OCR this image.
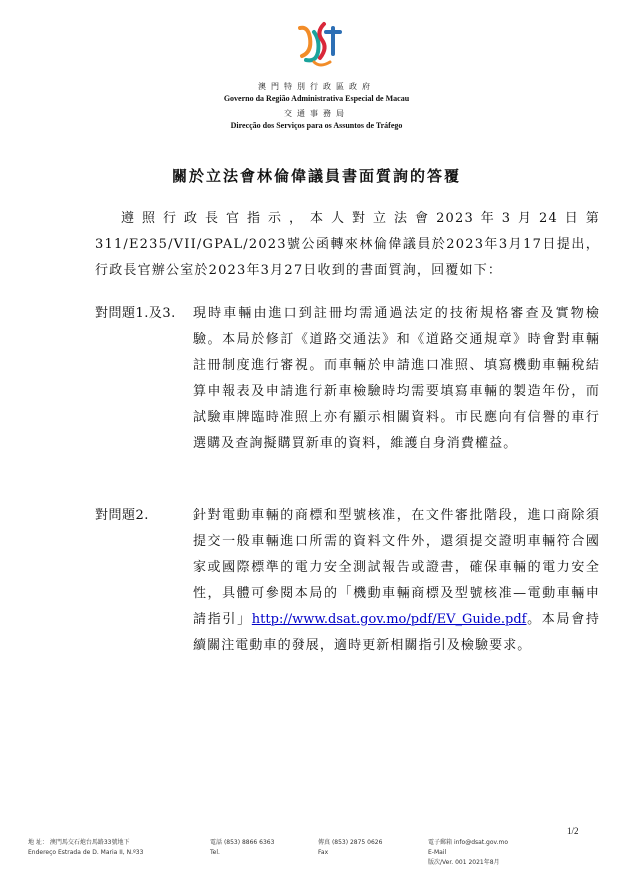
澳門特別行政區政府
Governo da Região Administrativa Especial de Macau
交通事務局
Direcção dos Serviços para os Assuntos de Tráfego
關於立法會林倫偉議員書面質詢的答覆

遵照行政長官指示，本人對立法會2023年3月24日第311/E235/VII/GPAL/2023號公函轉來林倫偉議員於2023年3月17日提出，行政長官辦公室於2023年3月27日收到的書面質詢，回覆如下：

對問題1.及3. 現時車輛由進口到註冊均需通過法定的技術規格審查及實物檢驗。本局於修訂《道路交通法》和《道路交通規章》時會對車輛註冊制度進行審視。而車輛於申請進口准照、填寫機動車輛稅結算申報表及申請進行新車檢驗時均需要填寫車輛的製造年份，而試驗車牌臨時准照上亦有顯示相關資料。市民應向有信譽的車行選購及查詢擬購買新車的資料，維護自身消費權益。
對問題2.	針對電動車輛的商標和型號核准，在文件審批階段，進口商除須提交一般車輛進口所需的資料文件外，還須提交證明車輛符合國家或國際標準的電力安全測試報告或證書，確保車輛的電力安全性，具體可參閱本局的「機動車輛商標及型號核准—電動車輛申請指引」http://www.dsat.gov.mo/pdf/EV_Guide.pdf。本局會持續關注電動車的發展，適時更新相關指引及檢驗要求。
1/2
地 址： 澳門馬交石炮台馬路33號地下
Endereço Estrada de D. Maria II, N.º33
電話 (853) 8866 6363
Tel.
傳真 (853) 2875 0626
Fax
電子郵箱 info@dsat.gov.mo
E-Mail
版次/Ver. 001 2021年8月
